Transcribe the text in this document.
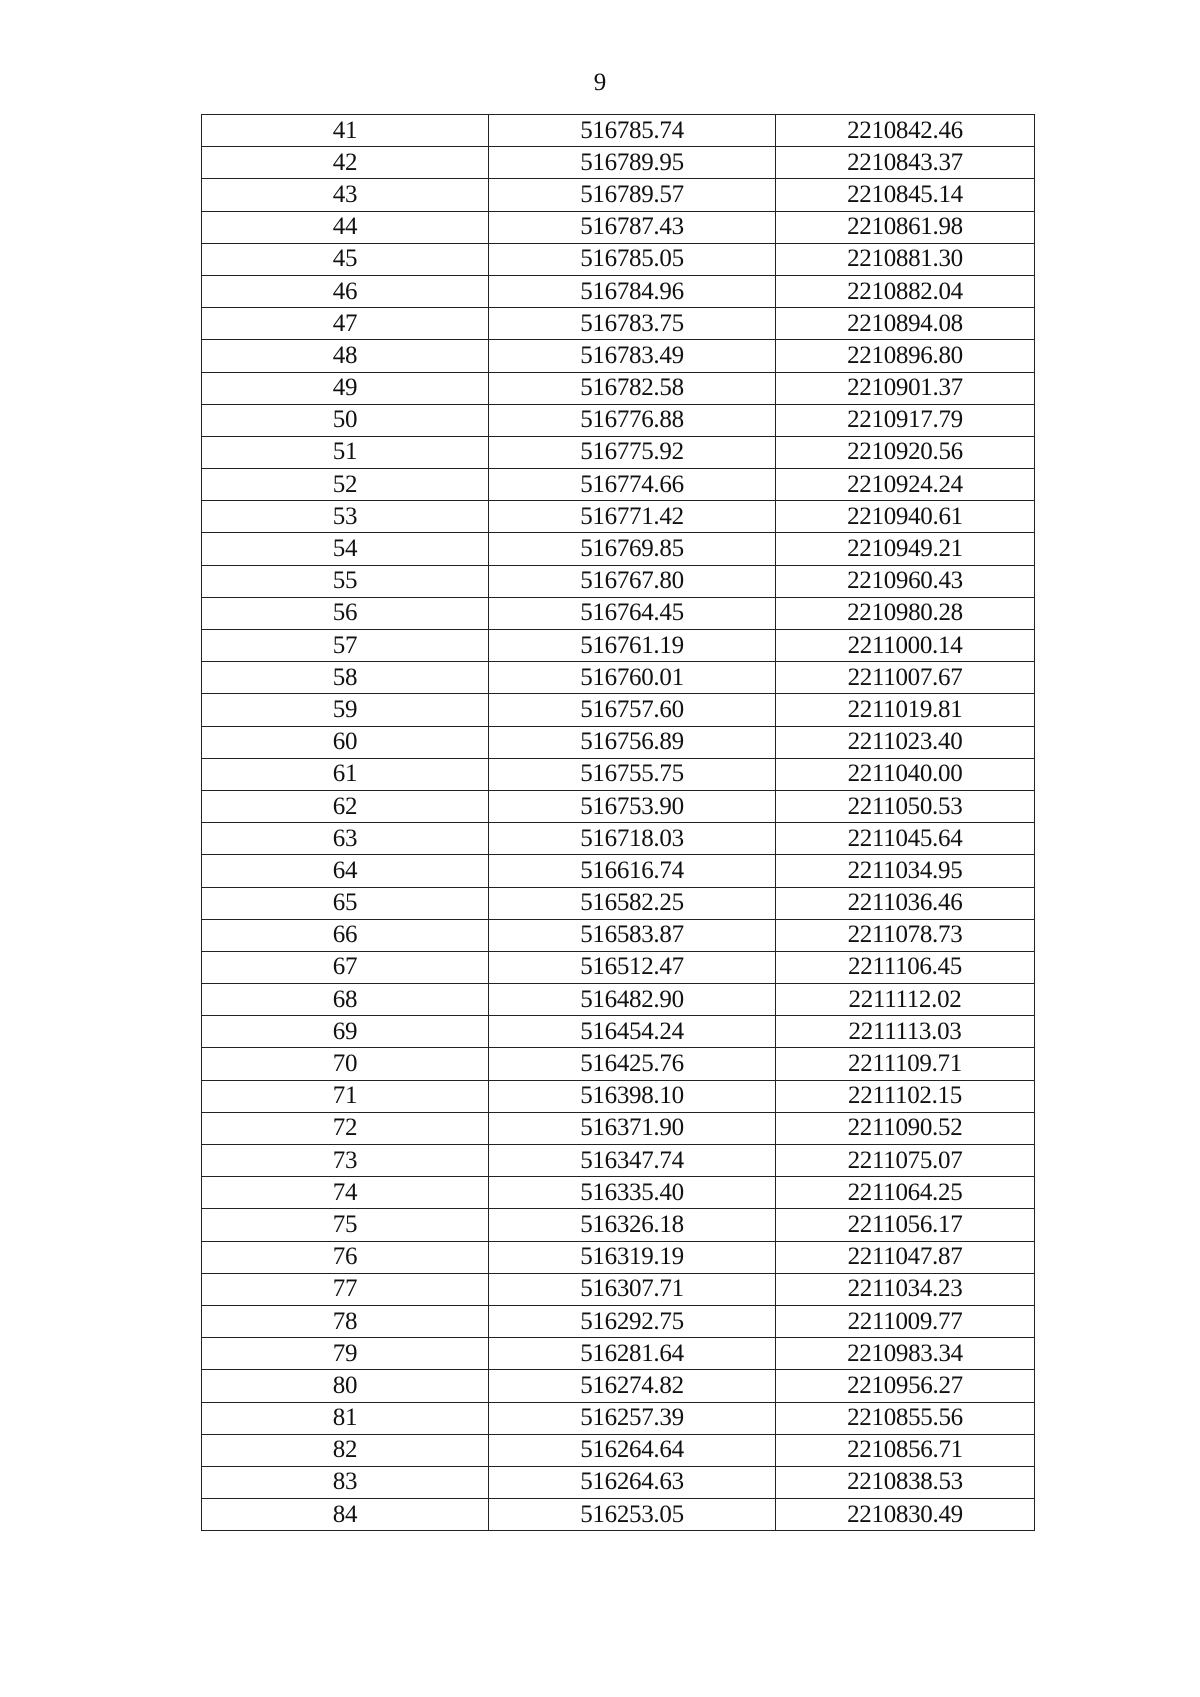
9
41	516785.74	2210842.46
42	516789.95	2210843.37
43	516789.57	2210845.14
44	516787.43	2210861.98
45	516785.05	2210881.30
46	516784.96	2210882.04
47	516783.75	2210894.08
48	516783.49	2210896.80
49	516782.58	2210901.37
50	516776.88	2210917.79
51	516775.92	2210920.56
52	516774.66	2210924.24
53	516771.42	2210940.61
54	516769.85	2210949.21
55	516767.80	2210960.43
56	516764.45	2210980.28
57	516761.19	2211000.14
58	516760.01	2211007.67
59	516757.60	2211019.81
60	516756.89	2211023.40
61	516755.75	2211040.00
62	516753.90	2211050.53
63	516718.03	2211045.64
64	516616.74	2211034.95
65	516582.25	2211036.46
66	516583.87	2211078.73
67	516512.47	2211106.45
68	516482.90	2211112.02
69	516454.24	2211113.03
70	516425.76	2211109.71
71	516398.10	2211102.15
72	516371.90	2211090.52
73	516347.74	2211075.07
74	516335.40	2211064.25
75	516326.18	2211056.17
76	516319.19	2211047.87
77	516307.71	2211034.23
78	516292.75	2211009.77
79	516281.64	2210983.34
80	516274.82	2210956.27
81	516257.39	2210855.56
82	516264.64	2210856.71
83	516264.63	2210838.53
84	516253.05	2210830.49
